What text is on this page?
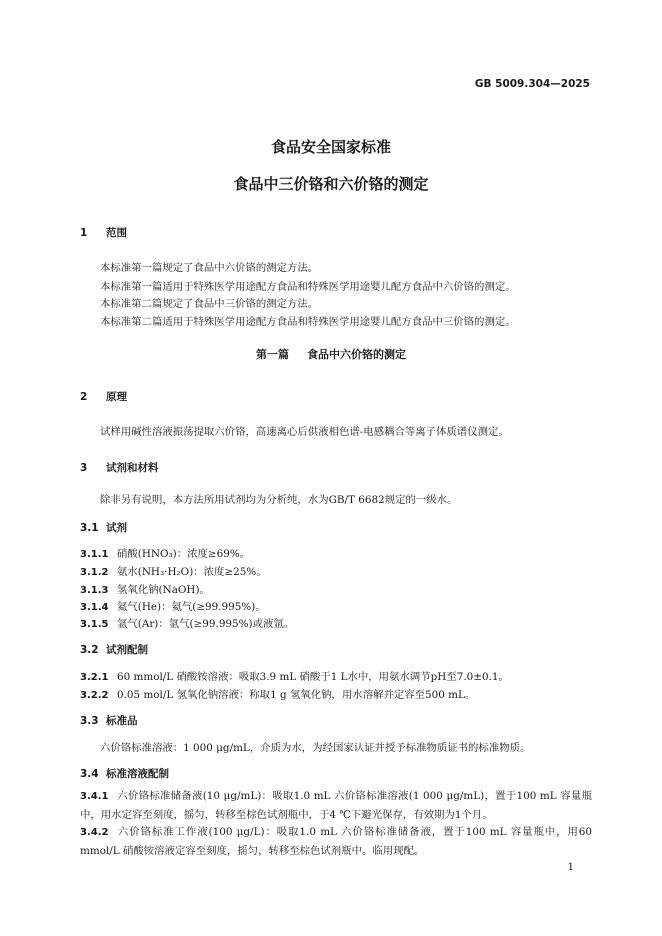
GB 5009.304—2025
食品安全国家标准
食品中三价铬和六价铬的测定
1 范围
本标准第一篇规定了食品中六价铬的测定方法。
本标准第一篇适用于特殊医学用途配方食品和特殊医学用途婴儿配方食品中六价铬的测定。
本标准第二篇规定了食品中三价铬的测定方法。
本标准第二篇适用于特殊医学用途配方食品和特殊医学用途婴儿配方食品中三价铬的测定。
第一篇 食品中六价铬的测定
2 原理
试样用碱性溶液振荡提取六价铬，高速离心后供液相色谱-电感耦合等离子体质谱仪测定。
3 试剂和材料
除非另有说明，本方法所用试剂均为分析纯，水为GB/T 6682规定的一级水。
3.1 试剂
3.1.1 硝酸(HNO₃)：浓度≥69%。
3.1.2 氨水(NH₃·H₂O)：浓度≥25%。
3.1.3 氢氧化钠(NaOH)。
3.1.4 氦气(He)：氦气(≥99.995%)。
3.1.5 氩气(Ar)：氩气(≥99.995%)或液氩。
3.2 试剂配制
3.2.1 60 mmol/L 硝酸铵溶液：吸取3.9 mL 硝酸于1 L水中，用氨水调节pH至7.0±0.1。
3.2.2 0.05 mol/L 氢氧化钠溶液：称取1 g 氢氧化钠，用水溶解并定容至500 mL。
3.3 标准品
六价铬标准溶液：1 000 μg/mL，介质为水，为经国家认证并授予标准物质证书的标准物质。
3.4 标准溶液配制
3.4.1 六价铬标准储备液(10 μg/mL)：吸取1.0 mL 六价铬标准溶液(1 000 μg/mL)，置于100 mL 容量瓶中，用水定容至刻度，摇匀，转移至棕色试剂瓶中，于4 ℃下避光保存，有效期为1个月。
3.4.2 六价铬标准工作液(100 μg/L)：吸取1.0 mL 六价铬标准储备液，置于100 mL 容量瓶中，用60 mmol/L 硝酸铵溶液定容至刻度，摇匀，转移至棕色试剂瓶中。临用现配。
1
